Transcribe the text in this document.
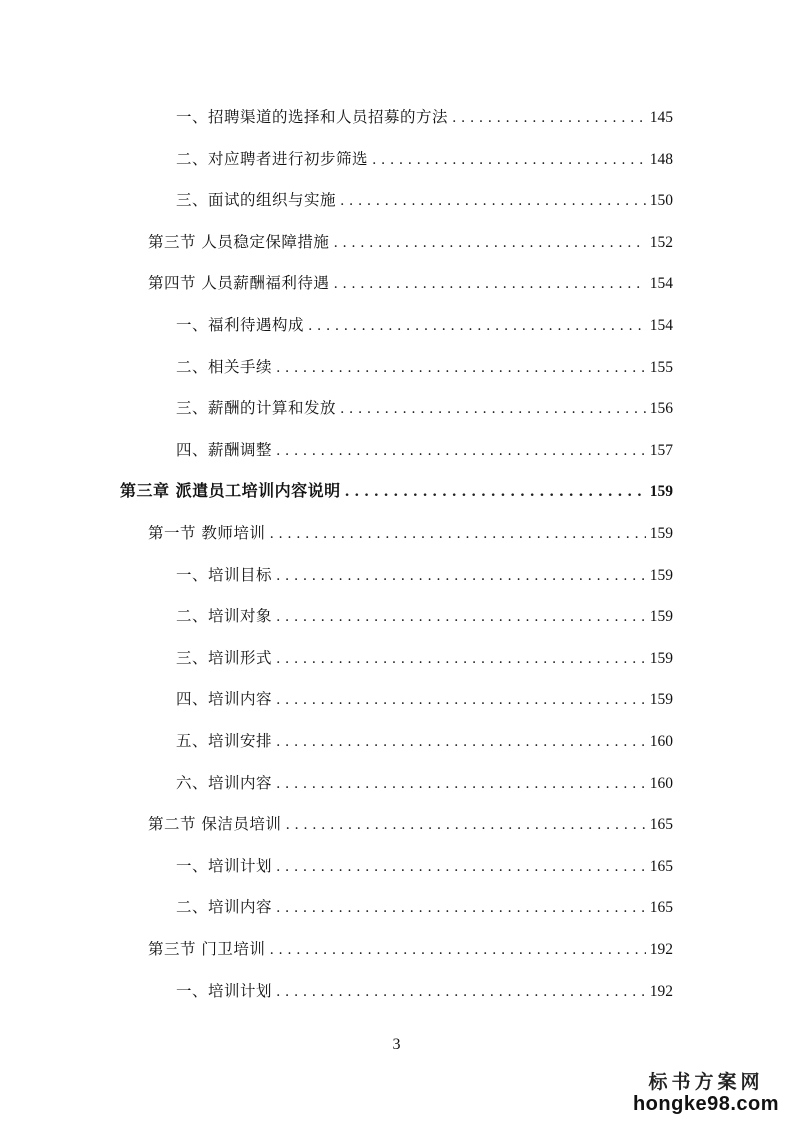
一、招聘渠道的选择和人员招募的方法 . . .	145
二、对应聘者进行初步筛选 . . .	148
三、面试的组织与实施 . . .	150
第三节 人员稳定保障措施 . . .	152
第四节 人员薪酬福利待遇 . . .	154
一、福利待遇构成 . . .	154
二、相关手续 . . .	155
三、薪酬的计算和发放 . . .	156
四、薪酬调整 . . .	157
第三章 派遣员工培训内容说明 . . .	159
第一节 教师培训 . . .	159
一、培训目标 . . .	159
二、培训对象 . . .	159
三、培训形式 . . .	159
四、培训内容 . . .	159
五、培训安排 . . .	160
六、培训内容 . . .	160
第二节 保洁员培训 . . .	165
一、培训计划 . . .	165
二、培训内容 . . .	165
第三节 门卫培训 . . .	192
一、培训计划 . . .	192
3
标书方案网
hongke98.com
